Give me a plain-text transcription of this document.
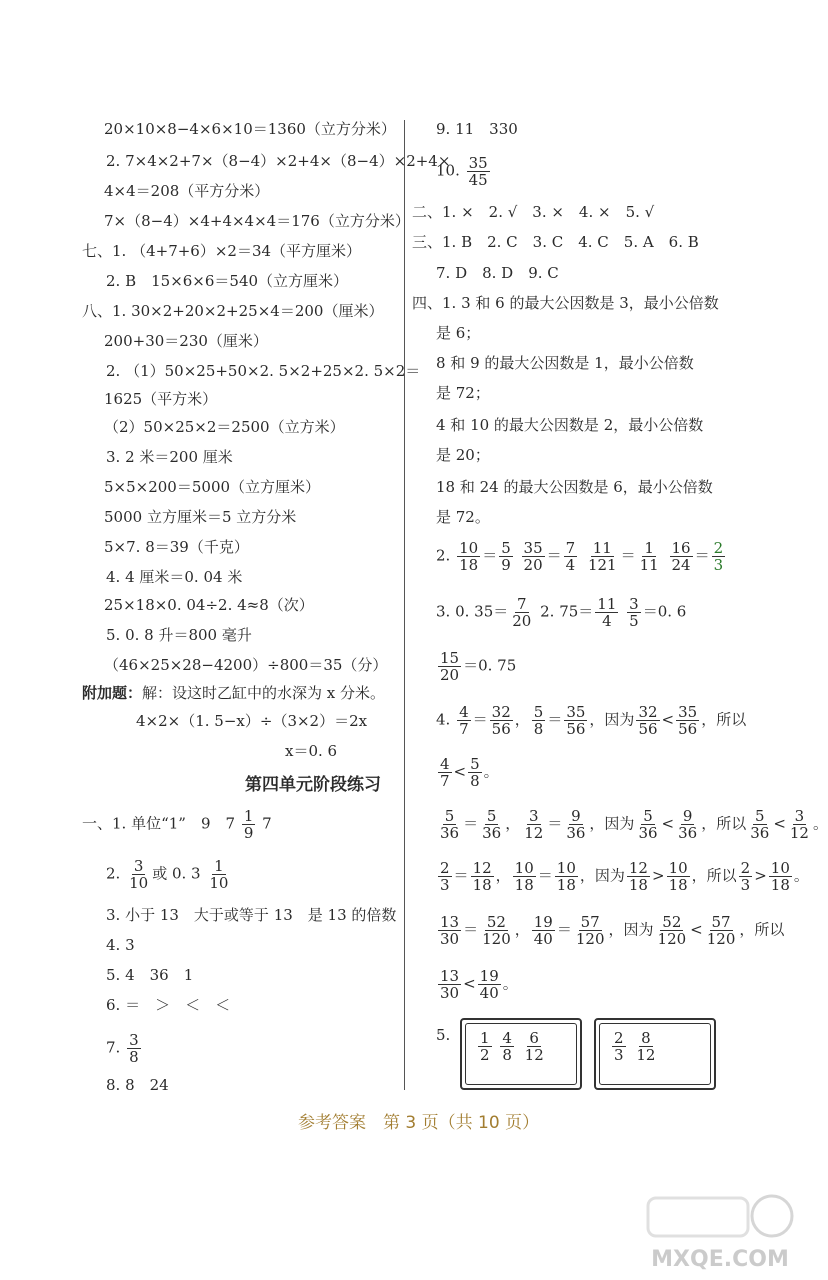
20×10×8−4×6×10＝1360（立方分米）
2. 7×4×2+7×（8−4）×2+4×（8−4）×2+4×
4×4＝208（平方分米）
7×（8−4）×4+4×4×4＝176（立方分米）
七、1. （4+7+6）×2＝34（平方厘米）
2. B　15×6×6＝540（立方厘米）
八、1. 30×2+20×2+25×4＝200（厘米）
200+30＝230（厘米）
2. （1）50×25+50×2. 5×2+25×2. 5×2＝
1625（平方米）
（2）50×25×2＝2500（立方米）
3. 2 米＝200 厘米
5×5×200＝5000（立方厘米）
5000 立方厘米＝5 立方分米
5×7. 8＝39（千克）
4. 4 厘米＝0. 04 米
25×18×0. 04÷2. 4≈8（次）
5. 0. 8 升＝800 毫升
（46×25×28−4200）÷800＝35（分）
附加题：解：设这时乙缸中的水深为 x 分米。
4×2×（1. 5−x）÷（3×2）＝2x
x＝0. 6
第四单元阶段练习
一、1. 单位“1”　9　$7 \frac{1}{9} 7$
2. $\frac{3}{10}$ 或 0. $3 \frac{1}{10}$
3. 小于 13　大于或等于 13　是 13 的倍数
4. 3
5. 4　36　1
6. ＝　＞　＜　＜
7. $\frac{3}{8}$
8. 8　24
9. 11　330
10. $\frac{35}{45}$
二、1. ×　2. √　3. ×　4. ×　5. √
三、1. B　2. C　3. C　4. C　5. A　6. B
7. D　8. D　9. C
四、1. 3 和 6 的最大公因数是 3，最小公倍数
是 6；
8 和 9 的最大公因数是 1，最小公倍数
是 72；
4 和 10 的最大公因数是 2，最小公倍数
是 20；
18 和 24 的最大公因数是 6，最小公倍数
是 72。
2. $\frac{10}{18} = \frac{5}{9}$
$\frac{35}{20} = \frac{7}{4}$
$\frac{11}{121} = \frac{1}{11}$
$\frac{16}{24} = \frac{2}{3}$
3. 0. $35= \frac{7}{20} 2$. $75= \frac{11}{4}$
$\frac{3}{5} =0$. 6
$\frac{15}{20} =0$. 75
4. $\frac{4}{7} = \frac{32}{56}$ ， $\frac{5}{8} = \frac{35}{56}$ ，因为 $\frac{32}{56} < \frac{35}{56}$ ，所以
$\frac{4}{7} < \frac{5}{8}$ 。
$\frac{5}{36} = \frac{5}{36}$ ， $\frac{3}{12} = \frac{9}{36}$ ，因为 $\frac{5}{36} < \frac{9}{36}$ ，所以 $\frac{5}{36} < \frac{3}{12}$ 。
$\frac{2}{3} = \frac{12}{18}$ ， $\frac{10}{18} = \frac{10}{18}$ ，因为 $\frac{12}{18} > \frac{10}{18}$ ，所以 $\frac{2}{3} > \frac{10}{18}$ 。
$\frac{13}{30} = \frac{52}{120}$ ， $\frac{19}{40} = \frac{57}{120}$ ，因为 $\frac{52}{120} < \frac{57}{120}$ ，所以
$\frac{13}{30} < \frac{19}{40}$ 。
5. $\frac{1}{2}$
$\frac{4}{8}$
$\frac{6}{12}$	$\frac{2}{3}$
$\frac{8}{12}$
参考答案　第 3 页（共 10 页）
MXQE.COM
